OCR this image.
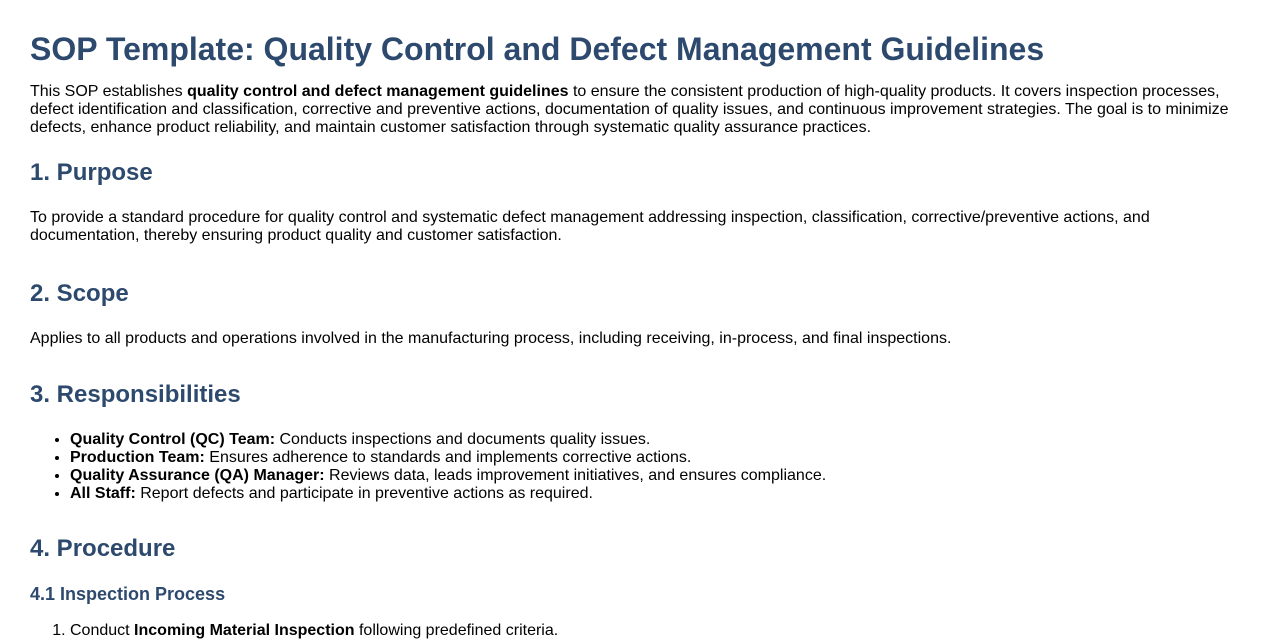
SOP Template: Quality Control and Defect Management Guidelines

This SOP establishes quality control and defect management guidelines to ensure the consistent production of high-quality products. It covers inspection processes, defect identification and classification, corrective and preventive actions, documentation of quality issues, and continuous improvement strategies. The goal is to minimize defects, enhance product reliability, and maintain customer satisfaction through systematic quality assurance practices.

1. Purpose

To provide a standard procedure for quality control and systematic defect management addressing inspection, classification, corrective/preventive actions, and documentation, thereby ensuring product quality and customer satisfaction.

2. Scope

Applies to all products and operations involved in the manufacturing process, including receiving, in-process, and final inspections.

3. Responsibilities
• Quality Control (QC) Team: Conducts inspections and documents quality issues.
• Production Team: Ensures adherence to standards and implements corrective actions.
• Quality Assurance (QA) Manager: Reviews data, leads improvement initiatives, and ensures compliance.
• All Staff: Report defects and participate in preventive actions as required.
4. Procedure
4.1 Inspection Process
1. Conduct Incoming Material Inspection following predefined criteria.
